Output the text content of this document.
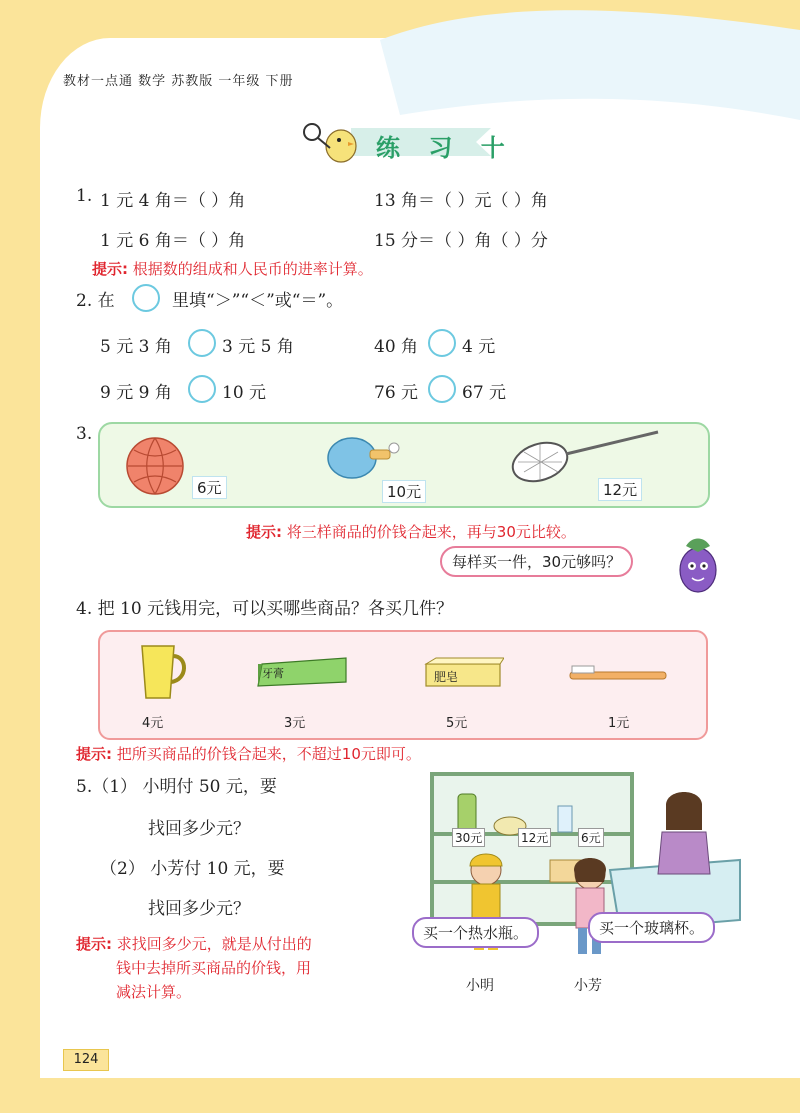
教材一点通 数学 苏教版 一年级 下册
练 习 十
1. 1 元 4 角＝（ ）角	13 角＝（ ）元（ ）角
1 元 6 角＝（ ）角	15 分＝（ ）角（ ）分
提示: 根据数的组成和人民币的进率计算。
2. 在	里填“＞”“＜”或“＝”。
5 元 3 角	3 元 5 角	40 角	4 元
9 元 9 角	10 元	76 元	67 元
3.
6元	10元	12元
提示: 将三样商品的价钱合起来，再与30元比较。
每样买一件，30元够吗？
4. 把 10 元钱用完，可以买哪些商品？各买几件？
4元
牙膏
3元
肥皂
5元	1元
提示: 把所买商品的价钱合起来，不超过10元即可。
5.（1） 小明付 50 元，要
找回多少元？
（2） 小芳付 10 元，要
找回多少元？
提示: 求找回多少元，就是从付出的
钱中去掉所买商品的价钱，用
减法计算。
30元	12元	6元
买一个热水瓶。	买一个玻璃杯。
小明	小芳
124
